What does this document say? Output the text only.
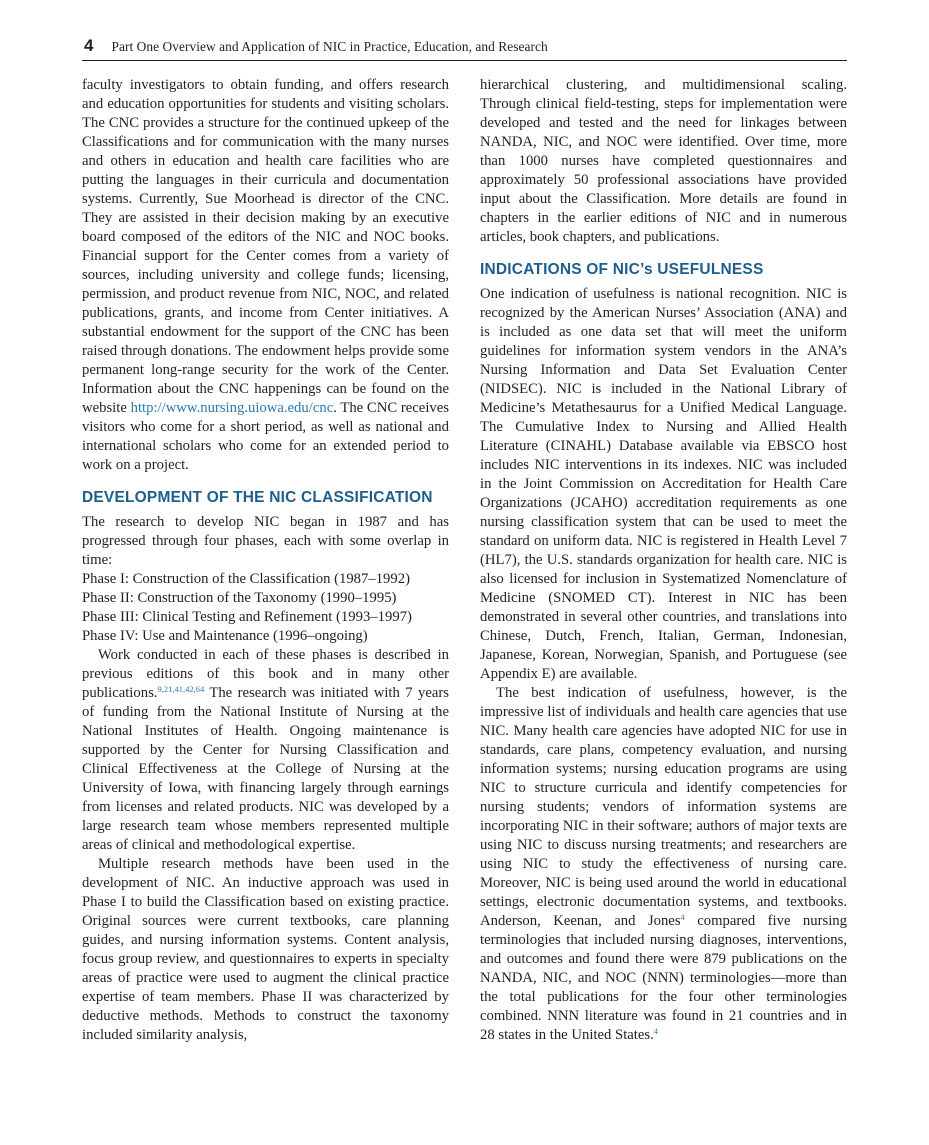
4 Part One Overview and Application of NIC in Practice, Education, and Research

faculty investigators to obtain funding, and offers research and education opportunities for students and visiting scholars. The CNC provides a structure for the continued upkeep of the Classifications and for communication with the many nurses and others in education and health care facilities who are putting the languages in their curricula and documentation systems. Currently, Sue Moorhead is director of the CNC. They are assisted in their decision making by an executive board composed of the editors of the NIC and NOC books. Financial support for the Center comes from a variety of sources, including university and college funds; licensing, permission, and product revenue from NIC, NOC, and related publications, grants, and income from Center initiatives. A substantial endowment for the support of the CNC has been raised through donations. The endowment helps provide some permanent long-range security for the work of the Center. Information about the CNC happenings can be found on the website http://www.nursing.uiowa.edu/cnc. The CNC receives visitors who come for a short period, as well as national and international scholars who come for an extended period to work on a project.

DEVELOPMENT OF THE NIC CLASSIFICATION

The research to develop NIC began in 1987 and has progressed through four phases, each with some overlap in time:

Phase I: Construction of the Classification (1987–1992)
Phase II: Construction of the Taxonomy (1990–1995)
Phase III: Clinical Testing and Refinement (1993–1997)
Phase IV: Use and Maintenance (1996–ongoing)

Work conducted in each of these phases is described in previous editions of this book and in many other publications.$^{9,21,41,42,64}$ The research was initiated with 7 years of funding from the National Institute of Nursing at the National Institutes of Health. Ongoing maintenance is supported by the Center for Nursing Classification and Clinical Effectiveness at the College of Nursing at the University of Iowa, with financing largely through earnings from licenses and related products. NIC was developed by a large research team whose members represented multiple areas of clinical and methodological expertise.

Multiple research methods have been used in the development of NIC. An inductive approach was used in Phase I to build the Classification based on existing practice. Original sources were current textbooks, care planning guides, and nursing information systems. Content analysis, focus group review, and questionnaires to experts in specialty areas of practice were used to augment the clinical practice expertise of team members. Phase II was characterized by deductive methods. Methods to construct the taxonomy included similarity analysis,

hierarchical clustering, and multidimensional scaling. Through clinical field-testing, steps for implementation were developed and tested and the need for linkages between NANDA, NIC, and NOC were identified. Over time, more than 1000 nurses have completed questionnaires and approximately 50 professional associations have provided input about the Classification. More details are found in chapters in the earlier editions of NIC and in numerous articles, book chapters, and publications.

INDICATIONS OF NIC’s USEFULNESS

One indication of usefulness is national recognition. NIC is recognized by the American Nurses’ Association (ANA) and is included as one data set that will meet the uniform guidelines for information system vendors in the ANA’s Nursing Information and Data Set Evaluation Center (NIDSEC). NIC is included in the National Library of Medicine’s Metathesaurus for a Unified Medical Language. The Cumulative Index to Nursing and Allied Health Literature (CINAHL) Database available via EBSCO host includes NIC interventions in its indexes. NIC was included in the Joint Commission on Accreditation for Health Care Organizations (JCAHO) accreditation requirements as one nursing classification system that can be used to meet the standard on uniform data. NIC is registered in Health Level 7 (HL7), the U.S. standards organization for health care. NIC is also licensed for inclusion in Systematized Nomenclature of Medicine (SNOMED CT). Interest in NIC has been demonstrated in several other countries, and translations into Chinese, Dutch, French, Italian, German, Indonesian, Japanese, Korean, Norwegian, Spanish, and Portuguese (see Appendix E) are available.

The best indication of usefulness, however, is the impressive list of individuals and health care agencies that use NIC. Many health care agencies have adopted NIC for use in standards, care plans, competency evaluation, and nursing information systems; nursing education programs are using NIC to structure curricula and identify competencies for nursing students; vendors of information systems are incorporating NIC in their software; authors of major texts are using NIC to discuss nursing treatments; and researchers are using NIC to study the effectiveness of nursing care. Moreover, NIC is being used around the world in educational settings, electronic documentation systems, and textbooks. Anderson, Keenan, and Jones$^4$ compared five nursing terminologies that included nursing diagnoses, interventions, and outcomes and found there were 879 publications on the NANDA, NIC, and NOC (NNN) terminologies—more than the total publications for the four other terminologies combined. NNN literature was found in 21 countries and in 28 states in the United States.$^4$
